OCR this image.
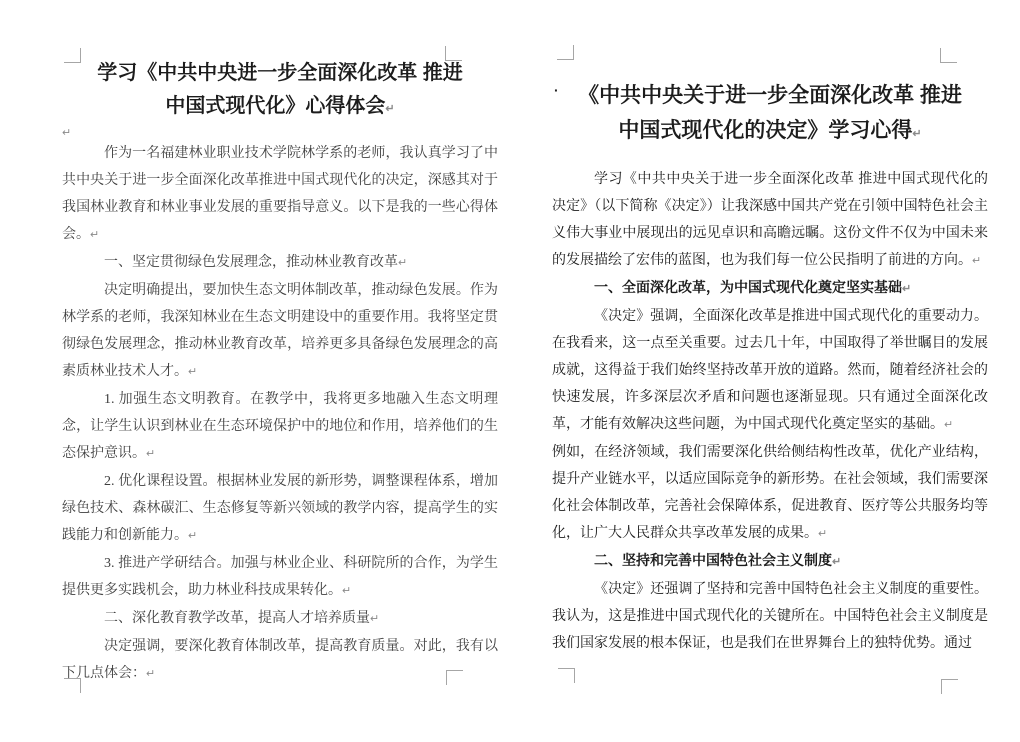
学习《中共中央进一步全面深化改革 推进
中国式现代化》心得体会↵
↵

作为一名福建林业职业技术学院林学系的老师，我认真学习了中共中央关于进一步全面深化改革推进中国式现代化的决定，深感其对于我国林业教育和林业事业发展的重要指导意义。以下是我的一些心得体会。↵

一、坚定贯彻绿色发展理念，推动林业教育改革↵

决定明确提出，要加快生态文明体制改革，推动绿色发展。作为林学系的老师，我深知林业在生态文明建设中的重要作用。我将坚定贯彻绿色发展理念，推动林业教育改革，培养更多具备绿色发展理念的高素质林业技术人才。↵

1. 加强生态文明教育。在教学中，我将更多地融入生态文明理念，让学生认识到林业在生态环境保护中的地位和作用，培养他们的生态保护意识。↵

2. 优化课程设置。根据林业发展的新形势，调整课程体系，增加绿色技术、森林碳汇、生态修复等新兴领域的教学内容，提高学生的实践能力和创新能力。↵

3. 推进产学研结合。加强与林业企业、科研院所的合作，为学生提供更多实践机会，助力林业科技成果转化。↵

二、深化教育教学改革，提高人才培养质量↵

决定强调，要深化教育体制改革，提高教育质量。对此，我有以下几点体会：↵

· 《中共中央关于进一步全面深化改革 推进
中国式现代化的决定》学习心得↵

学习《中共中央关于进一步全面深化改革 推进中国式现代化的决定》（以下简称《决定》）让我深感中国共产党在引领中国特色社会主义伟大事业中展现出的远见卓识和高瞻远瞩。这份文件不仅为中国未来的发展描绘了宏伟的蓝图，也为我们每一位公民指明了前进的方向。↵

一、全面深化改革，为中国式现代化奠定坚实基础↵

《决定》强调，全面深化改革是推进中国式现代化的重要动力。在我看来，这一点至关重要。过去几十年，中国取得了举世瞩目的发展成就，这得益于我们始终坚持改革开放的道路。然而，随着经济社会的快速发展，许多深层次矛盾和问题也逐渐显现。只有通过全面深化改革，才能有效解决这些问题，为中国式现代化奠定坚实的基础。↵

例如，在经济领域，我们需要深化供给侧结构性改革，优化产业结构，提升产业链水平，以适应国际竞争的新形势。在社会领域，我们需要深化社会体制改革，完善社会保障体系，促进教育、医疗等公共服务均等化，让广大人民群众共享改革发展的成果。↵

二、坚持和完善中国特色社会主义制度↵

《决定》还强调了坚持和完善中国特色社会主义制度的重要性。我认为，这是推进中国式现代化的关键所在。中国特色社会主义制度是我们国家发展的根本保证，也是我们在世界舞台上的独特优势。通过
